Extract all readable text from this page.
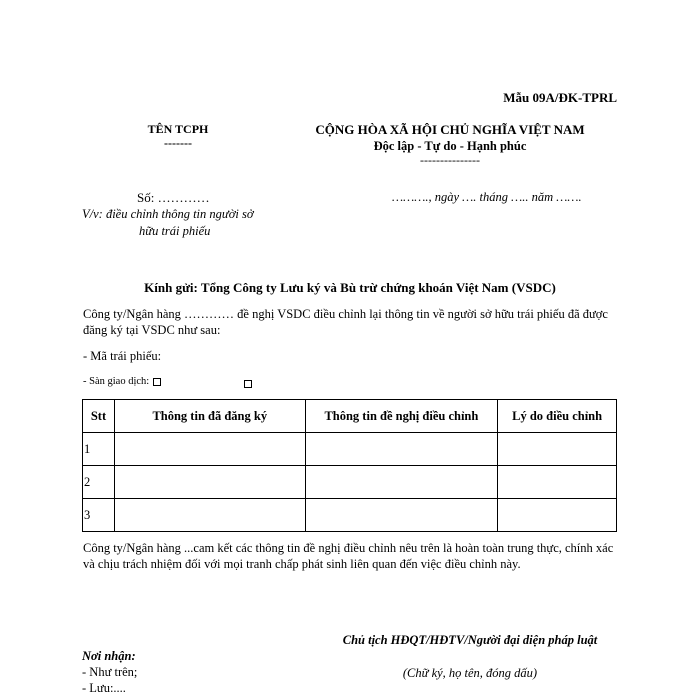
Mẫu 09A/ĐK-TPRL
TÊN TCPH
-------
CỘNG HÒA XÃ HỘI CHỦ NGHĨA VIỆT NAM
Độc lập - Tự do - Hạnh phúc
---------------
Số: …………
V/v: điều chỉnh thông tin người sở
hữu trái phiếu
………., ngày …. tháng ….. năm …….
Kính gửi: Tổng Công ty Lưu ký và Bù trừ chứng khoán Việt Nam (VSDC)
Công ty/Ngân hàng ………… đề nghị VSDC điều chỉnh lại thông tin về người sở hữu trái phiếu đã được đăng ký tại VSDC như sau:
- Mã trái phiếu:
- Sàn giao dịch:
Stt	Thông tin đã đăng ký	Thông tin đề nghị điều chỉnh	Lý do điều chỉnh
1			
2			
3			
Công ty/Ngân hàng ...cam kết các thông tin đề nghị điều chỉnh nêu trên là hoàn toàn trung thực, chính xác và chịu trách nhiệm đối với mọi tranh chấp phát sinh liên quan đến việc điều chỉnh này.
Chủ tịch HĐQT/HĐTV/Người đại diện pháp luật
(Chữ ký, họ tên, đóng dấu)
Nơi nhận:
- Như trên;
- Lưu:....
